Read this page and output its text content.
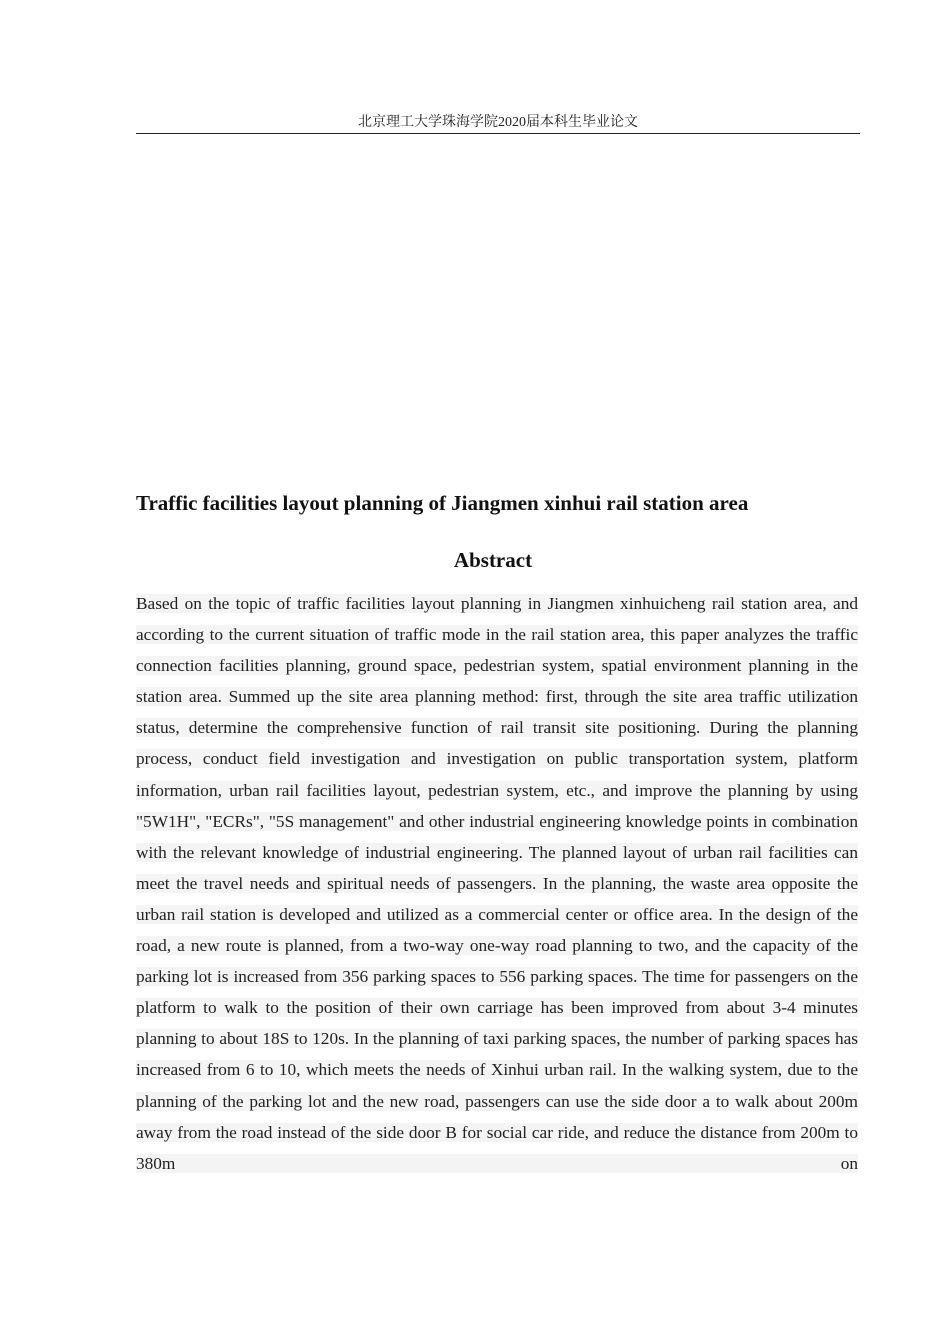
北京理工大学珠海学院2020届本科生毕业论文
Traffic facilities layout planning of Jiangmen xinhui rail station area
Abstract

Based on the topic of traffic facilities layout planning in Jiangmen xinhuicheng rail station area, and according to the current situation of traffic mode in the rail station area, this paper analyzes the traffic connection facilities planning, ground space, pedestrian system, spatial environment planning in the station area. Summed up the site area planning method: first, through the site area traffic utilization status, determine the comprehensive function of rail transit site positioning. During the planning process, conduct field investigation and investigation on public transportation system, platform information, urban rail facilities layout, pedestrian system, etc., and improve the planning by using "5W1H", "ECRs", "5S management" and other industrial engineering knowledge points in combination with the relevant knowledge of industrial engineering. The planned layout of urban rail facilities can meet the travel needs and spiritual needs of passengers. In the planning, the waste area opposite the urban rail station is developed and utilized as a commercial center or office area. In the design of the road, a new route is planned, from a two-way one-way road planning to two, and the capacity of the parking lot is increased from 356 parking spaces to 556 parking spaces. The time for passengers on the platform to walk to the position of their own carriage has been improved from about 3-4 minutes planning to about 18S to 120s. In the planning of taxi parking spaces, the number of parking spaces has increased from 6 to 10, which meets the needs of Xinhui urban rail. In the walking system, due to the planning of the parking lot and the new road, passengers can use the side door a to walk about 200m away from the road instead of the side door B for social car ride, and reduce the distance from 200m to 380m on
